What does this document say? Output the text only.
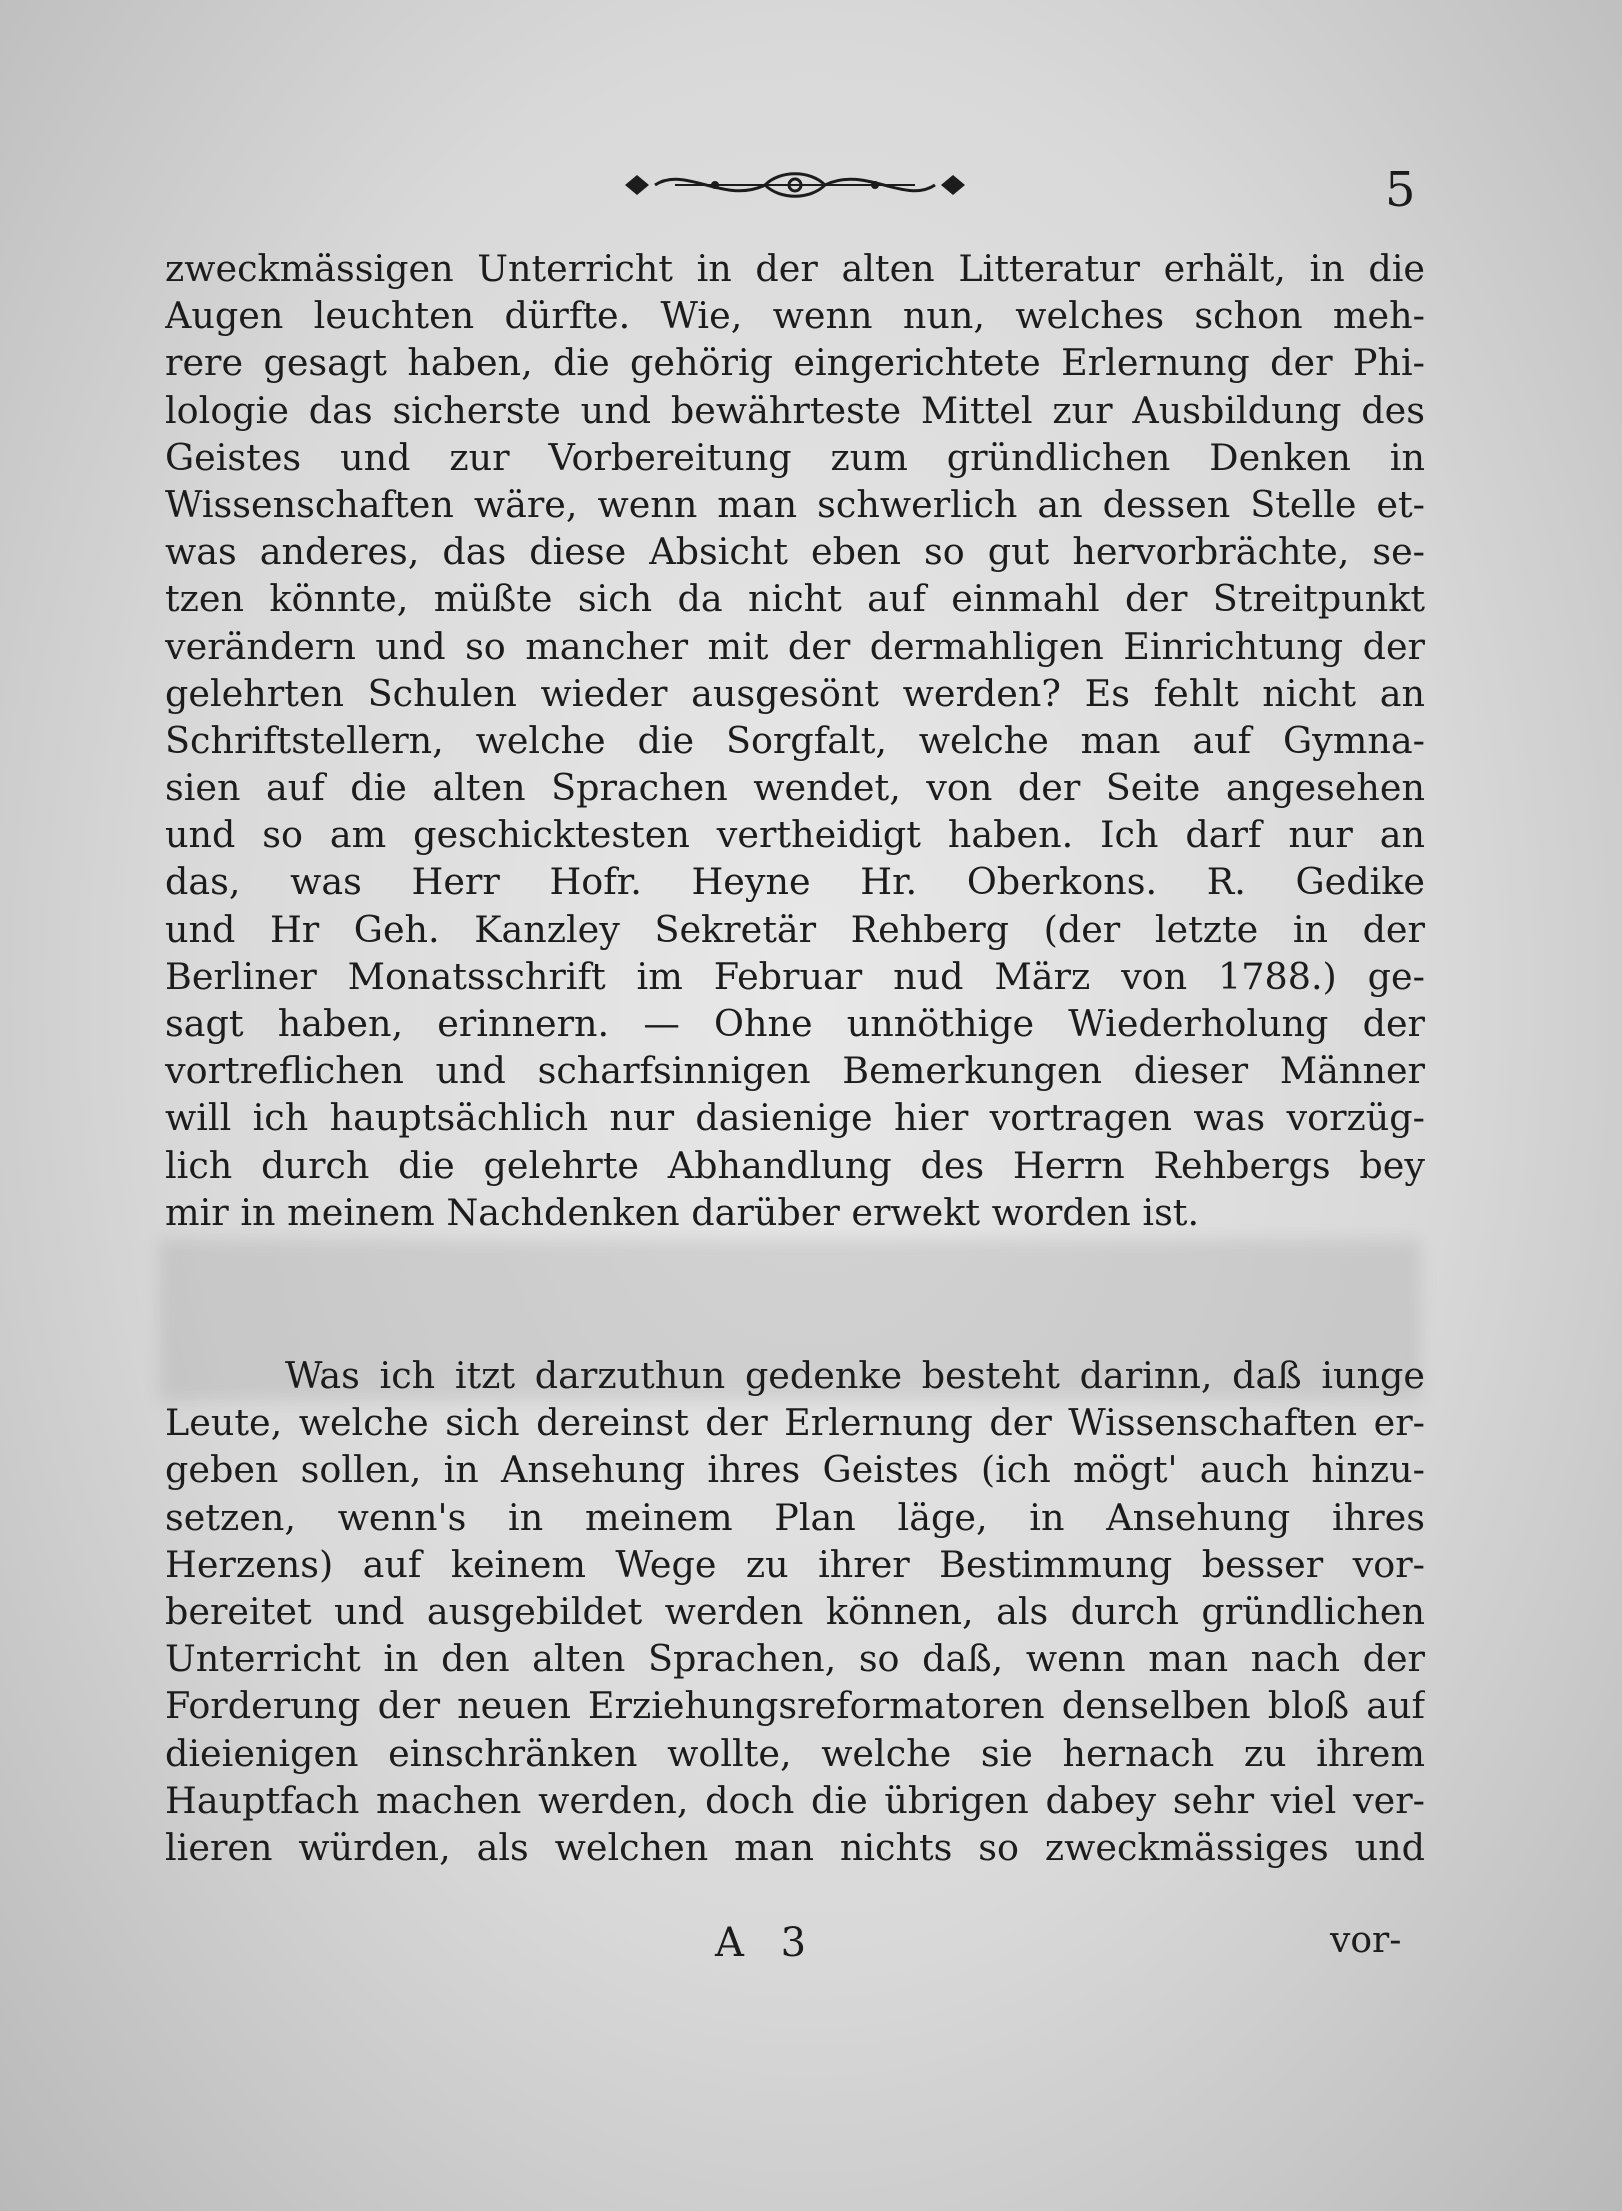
5
zweckmässigen Unterricht in der alten Litteratur erhält, in die
Augen leuchten dürfte. Wie, wenn nun, welches schon meh-
rere gesagt haben, die gehörig eingerichtete Erlernung der Phi-
lologie das sicherste und bewährteste Mittel zur Ausbildung des
Geistes und zur Vorbereitung zum gründlichen Denken in
Wissenschaften wäre, wenn man schwerlich an dessen Stelle et-
was anderes, das diese Absicht eben so gut hervorbrächte, se-
tzen könnte, müßte sich da nicht auf einmahl der Streitpunkt
verändern und so mancher mit der dermahligen Einrichtung der
gelehrten Schulen wieder ausgesönt werden? Es fehlt nicht an
Schriftstellern, welche die Sorgfalt, welche man auf Gymna-
sien auf die alten Sprachen wendet, von der Seite angesehen
und so am geschicktesten vertheidigt haben. Ich darf nur an
das, was Herr Hofr. Heyne Hr. Oberkons. R. Gedike
und Hr Geh. Kanzley Sekretär Rehberg (der letzte in der
Berliner Monatsschrift im Februar nud März von 1788.) ge-
sagt haben, erinnern. — Ohne unnöthige Wiederholung der
vortreflichen und scharfsinnigen Bemerkungen dieser Männer
will ich hauptsächlich nur dasienige hier vortragen was vorzüg-
lich durch die gelehrte Abhandlung des Herrn Rehbergs bey
mir in meinem Nachdenken darüber erwekt worden ist.
Was ich itzt darzuthun gedenke besteht darinn, daß iunge
Leute, welche sich dereinst der Erlernung der Wissenschaften er-
geben sollen, in Ansehung ihres Geistes (ich mögt' auch hinzu-
setzen, wenn's in meinem Plan läge, in Ansehung ihres
Herzens) auf keinem Wege zu ihrer Bestimmung besser vor-
bereitet und ausgebildet werden können, als durch gründlichen
Unterricht in den alten Sprachen, so daß, wenn man nach der
Forderung der neuen Erziehungsreformatoren denselben bloß auf
dieienigen einschränken wollte, welche sie hernach zu ihrem
Hauptfach machen werden, doch die übrigen dabey sehr viel ver-
lieren würden, als welchen man nichts so zweckmässiges und
A 3	vor-
